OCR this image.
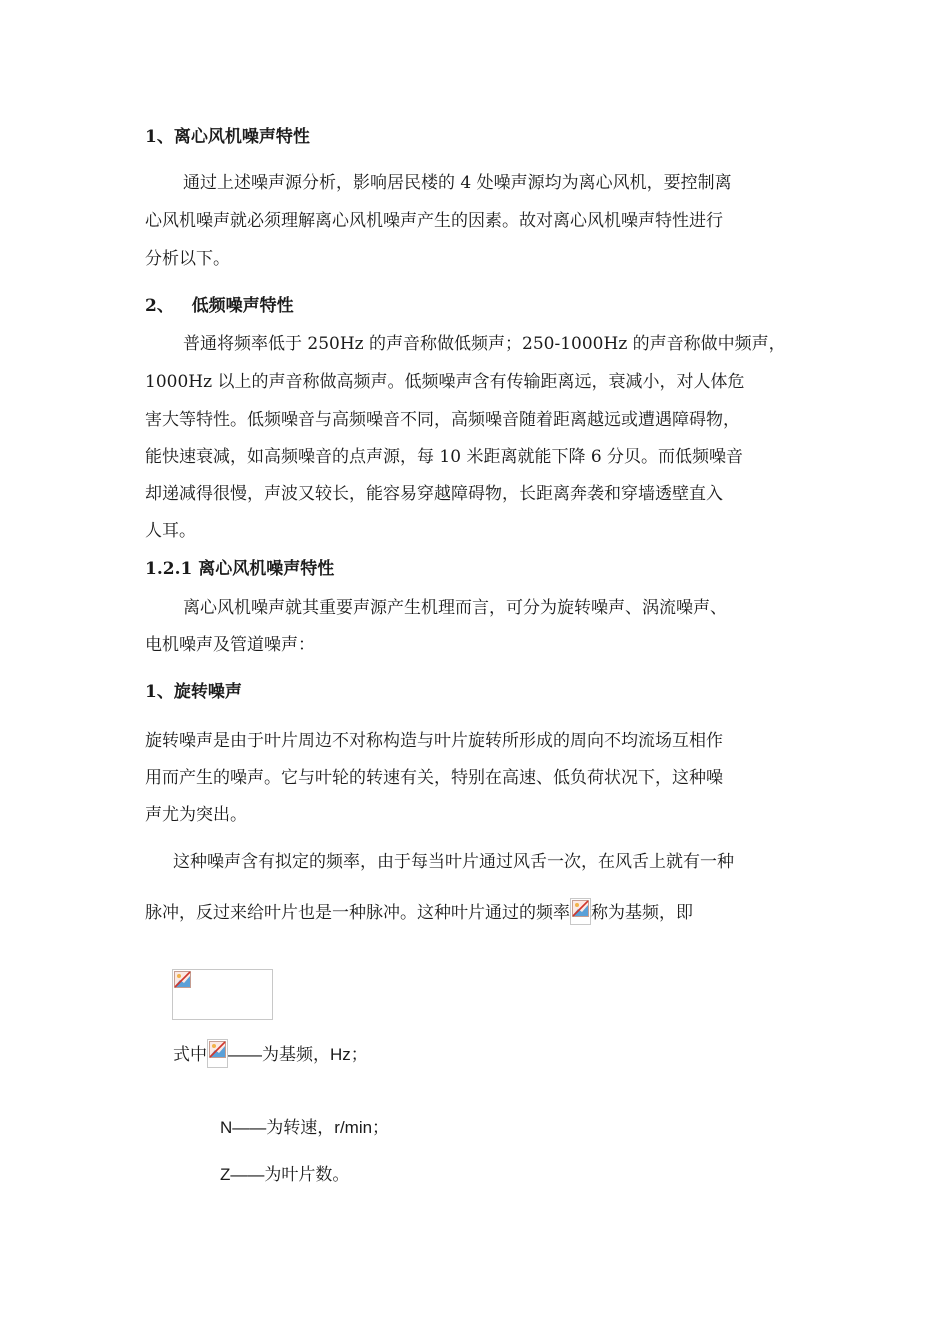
1、离心风机噪声特性
通过上述噪声源分析，影响居民楼的 4 处噪声源均为离心风机，要控制离
心风机噪声就必须理解离心风机噪声产生的因素。故对离心风机噪声特性进行
分析以下。
2、   低频噪声特性
普通将频率低于 250Hz 的声音称做低频声；250-1000Hz 的声音称做中频声，
1000Hz 以上的声音称做高频声。低频噪声含有传输距离远，衰减小，对人体危
害大等特性。低频噪音与高频噪音不同，高频噪音随着距离越远或遭遇障碍物，
能快速衰减，如高频噪音的点声源，每 10 米距离就能下降 6 分贝。而低频噪音
却递减得很慢，声波又较长，能容易穿越障碍物，长距离奔袭和穿墙透壁直入
人耳。
1.2.1 离心风机噪声特性
离心风机噪声就其重要声源产生机理而言，可分为旋转噪声、涡流噪声、
电机噪声及管道噪声：
1、旋转噪声
旋转噪声是由于叶片周边不对称构造与叶片旋转所形成的周向不均流场互相作
用而产生的噪声。它与叶轮的转速有关，特别在高速、低负荷状况下，这种噪
声尤为突出。
这种噪声含有拟定的频率，由于每当叶片通过风舌一次，在风舌上就有一种
脉冲，反过来给叶片也是一种脉冲。这种叶片通过的频率 称为基频，即
式中 ——为基频，Hz；
N——为转速，r/min；
Z——为叶片数。
